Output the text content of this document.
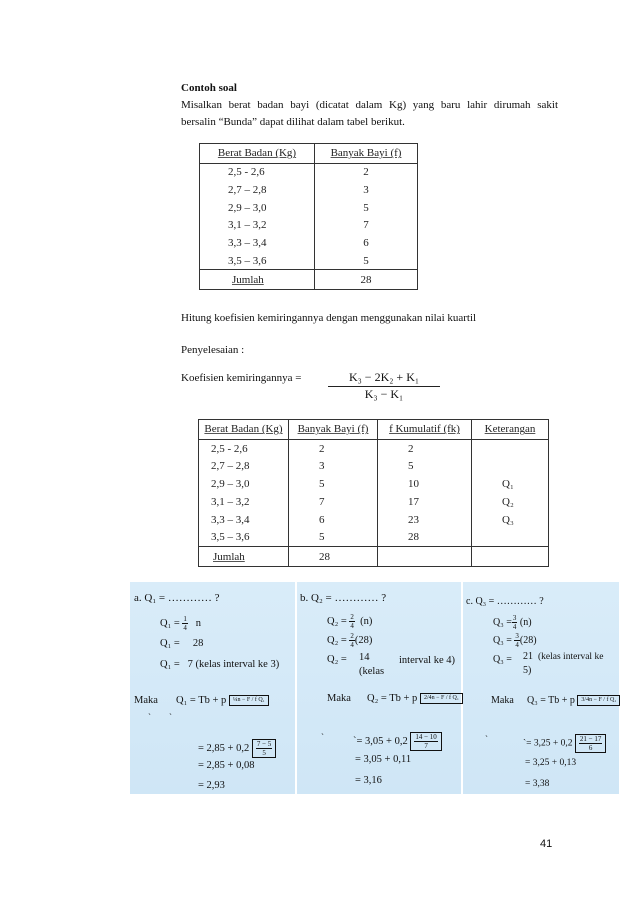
Contoh soal
Misalkan berat badan bayi (dicatat dalam Kg) yang baru lahir dirumah sakit
bersalin “Bunda” dapat dilihat dalam tabel berikut.
Berat Badan (Kg)	Banyak Bayi (f)
2,5 - 2,6	2
2,7 – 2,8	3
2,9 – 3,0	5
3,1 – 3,2	7
3,3 – 3,4	6
3,5 – 3,6	5
Jumlah	28
Hitung koefisien kemiringannya dengan menggunakan nilai kuartil
Penyelesaian :
Koefisien kemiringannya =	K₃ − 2K₂ + K₁
K₃ − K₁
Berat Badan (Kg)	Banyak Bayi (f)	f Kumulatif (fk)	Keterangan
2,5 - 2,6	2	2	
2,7 – 2,8	3	5	
2,9 – 3,0	5	10	Q₁
3,1 – 3,2	7	17	Q₂
3,3 – 3,4	6	23	Q₃
3,5 – 3,6	5	28	
Jumlah	28		
a. Q₁ = ………… ?
$Q_1 = \frac{1}{4}$ n
Q₁ =     28
Q₁ =   7 (kelas interval ke 3)
Maka Q₁ = Tb + p ¼n − F / f Q₁
`        `
= $2,85 + 0,2 \frac{7 - 5}{5}$
= 2,85 + 0,08
= 2,93
b. Q₂ = ………… ?
$Q_2 = \frac{2}{4} (n)$
$Q_2 = \frac{2}{4} (28)$
Q₂ = 14
(kelas
interval ke 4)
Maka Q₂ = Tb + p 2/4n − F / f Q₁
`	`= $3,05 + 0,2 \frac{14 - 10}{7}$
= 3,05 + 0,11
= 3,16
c. Q₃ = ………… ?
$Q_3 = \frac{3}{4} (n)$
$Q_3 = \frac{3}{4} (28)$
Q₃ = 21
5)
(kelas interval ke
Maka Q₃ = Tb + p 3/4n − F / f Q₁
`	`= $3,25 + 0,2 \frac{21 - 17}{6}$
= 3,25 + 0,13
= 3,38
41
